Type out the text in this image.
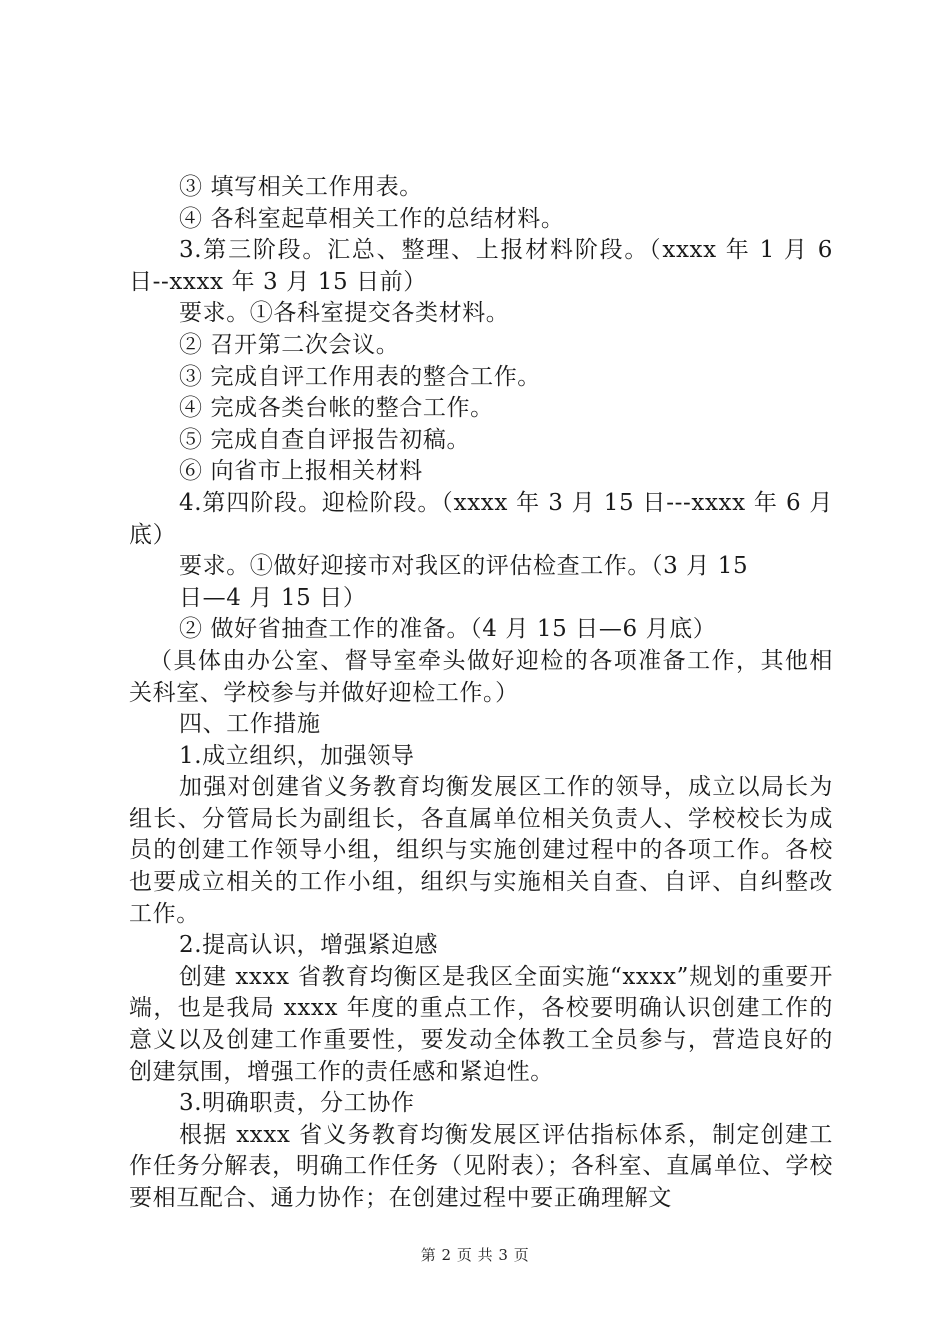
③ 填写相关工作用表。

④ 各科室起草相关工作的总结材料。

3.第三阶段。汇总、整理、上报材料阶段。（xxxx 年 1 月 6 日--xxxx 年 3 月 15 日前）

要求。①各科室提交各类材料。

② 召开第二次会议。

③ 完成自评工作用表的整合工作。

④ 完成各类台帐的整合工作。

⑤ 完成自查自评报告初稿。

⑥ 向省市上报相关材料

4.第四阶段。迎检阶段。（xxxx 年 3 月 15 日---xxxx 年 6 月底）

要求。①做好迎接市对我区的评估检查工作。（3 月 15

日—4 月 15 日）

② 做好省抽查工作的准备。（4 月 15 日—6 月底）

（具体由办公室、督导室牵头做好迎检的各项准备工作，其他相关科室、学校参与并做好迎检工作。）

四、工作措施

1.成立组织，加强领导

加强对创建省义务教育均衡发展区工作的领导，成立以局长为组长、分管局长为副组长，各直属单位相关负责人、学校校长为成员的创建工作领导小组，组织与实施创建过程中的各项工作。各校也要成立相关的工作小组，组织与实施相关自查、自评、自纠整改工作。

2.提高认识，增强紧迫感

创建 xxxx 省教育均衡区是我区全面实施“xxxx”规划的重要开端，也是我局 xxxx 年度的重点工作，各校要明确认识创建工作的意义以及创建工作重要性，要发动全体教工全员参与，营造良好的创建氛围，增强工作的责任感和紧迫性。

3.明确职责，分工协作

根据 xxxx 省义务教育均衡发展区评估指标体系，制定创建工作任务分解表，明确工作任务（见附表）；各科室、直属单位、学校要相互配合、通力协作；在创建过程中要正确理解文

第 2 页 共 3 页
